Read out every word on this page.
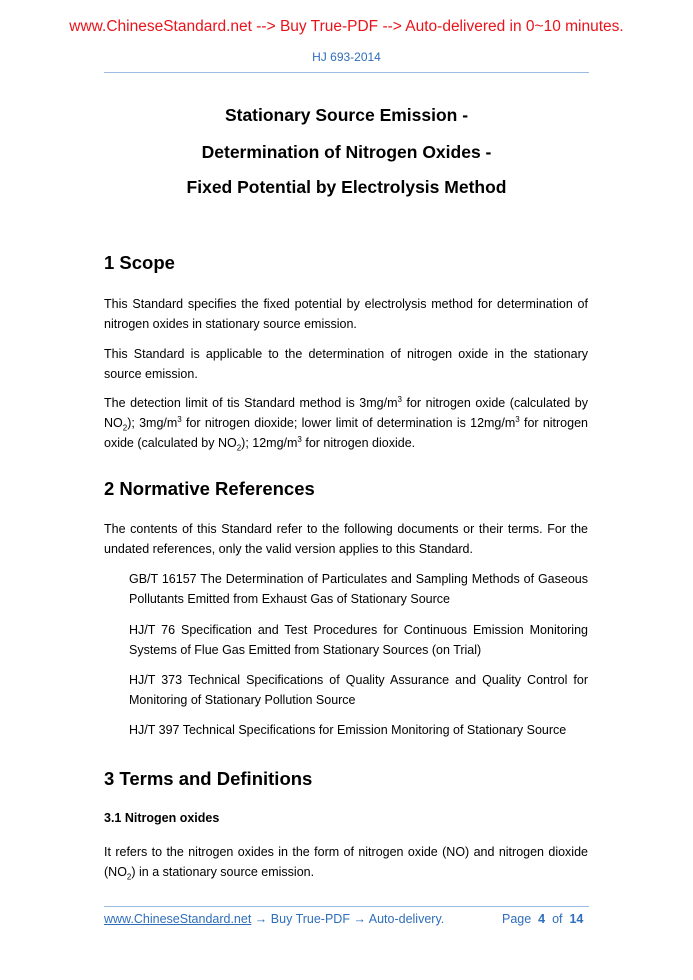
www.ChineseStandard.net --> Buy True-PDF --> Auto-delivered in 0~10 minutes.
HJ 693-2014
Stationary Source Emission -
Determination of Nitrogen Oxides -
Fixed Potential by Electrolysis Method
1 Scope
This Standard specifies the fixed potential by electrolysis method for determination of nitrogen oxides in stationary source emission.
This Standard is applicable to the determination of nitrogen oxide in the stationary source emission.
The detection limit of tis Standard method is $3mg/m^3$ for nitrogen oxide (calculated by $NO_2$); $3mg/m^3$ for nitrogen dioxide; lower limit of determination is $12mg/m^3$ for nitrogen oxide (calculated by $NO_2$); $12mg/m^3$ for nitrogen dioxide.
2 Normative References
The contents of this Standard refer to the following documents or their terms. For the undated references, only the valid version applies to this Standard.
GB/T 16157 The Determination of Particulates and Sampling Methods of Gaseous Pollutants Emitted from Exhaust Gas of Stationary Source
HJ/T 76 Specification and Test Procedures for Continuous Emission Monitoring Systems of Flue Gas Emitted from Stationary Sources (on Trial)
HJ/T 373 Technical Specifications of Quality Assurance and Quality Control for Monitoring of Stationary Pollution Source
HJ/T 397 Technical Specifications for Emission Monitoring of Stationary Source
3 Terms and Definitions
3.1 Nitrogen oxides
It refers to the nitrogen oxides in the form of nitrogen oxide (NO) and nitrogen dioxide $(NO_2)$ in a stationary source emission.
www.ChineseStandard.net → Buy True-PDF → Auto-delivery.	Page 4 of 14
